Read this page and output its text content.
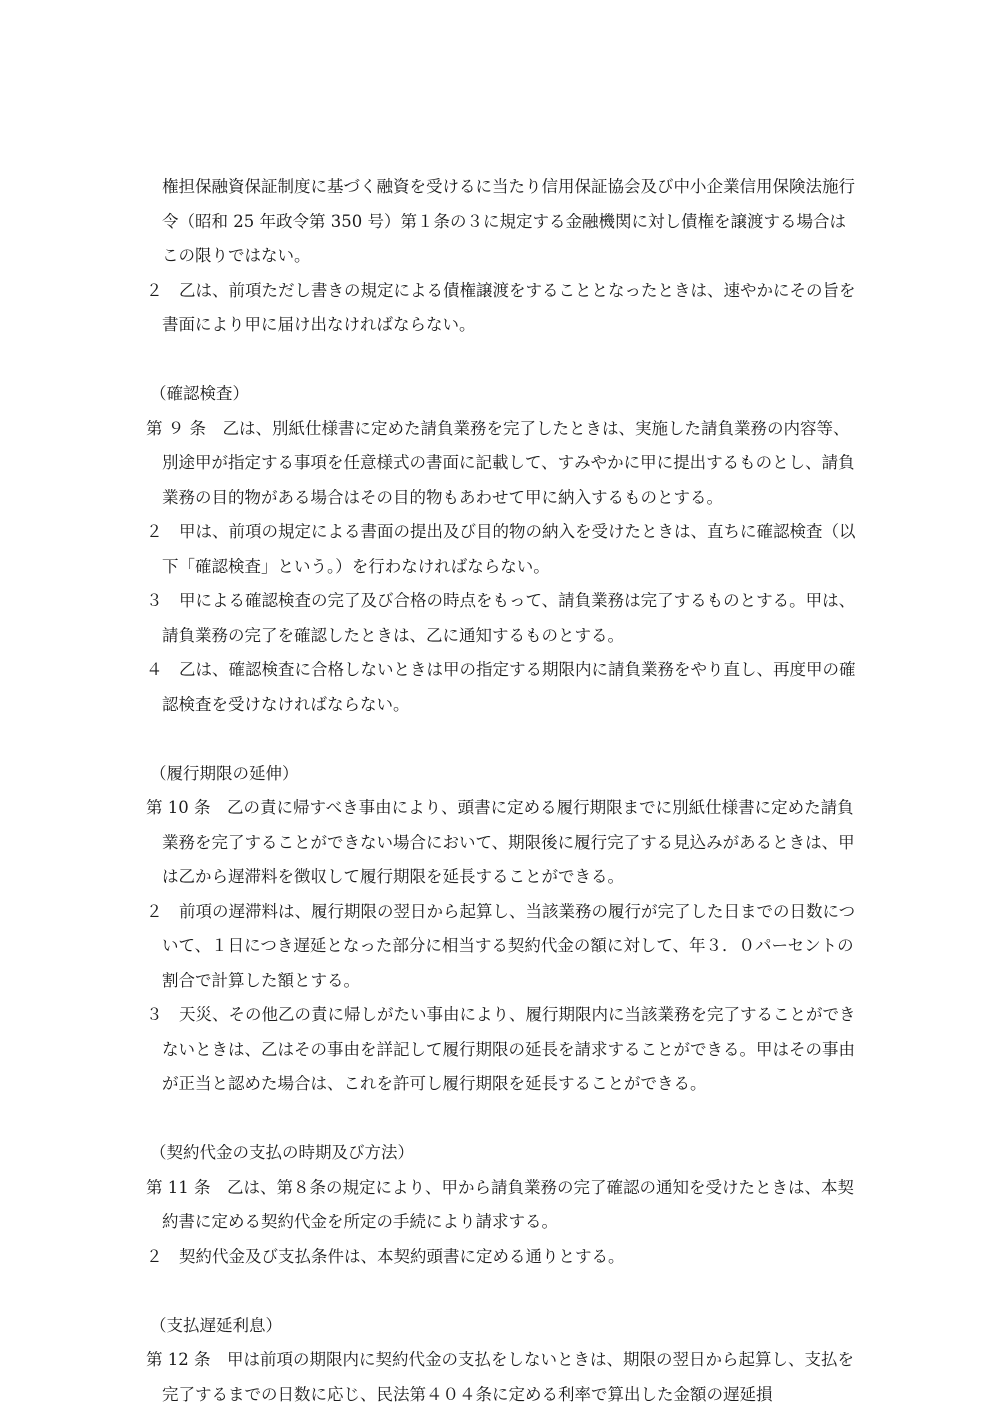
権担保融資保証制度に基づく融資を受けるに当たり信用保証協会及び中小企業信用保険法施行令（昭和 25 年政令第 350 号）第１条の３に規定する金融機関に対し債権を譲渡する場合はこの限りではない。

２　乙は、前項ただし書きの規定による債権譲渡をすることとなったときは、速やかにその旨を書面により甲に届け出なければならない。

（確認検査）

第 ９ 条　乙は、別紙仕様書に定めた請負業務を完了したときは、実施した請負業務の内容等、別途甲が指定する事項を任意様式の書面に記載して、すみやかに甲に提出するものとし、請負業務の目的物がある場合はその目的物もあわせて甲に納入するものとする。

２　甲は、前項の規定による書面の提出及び目的物の納入を受けたときは、直ちに確認検査（以下「確認検査」という。）を行わなければならない。

３　甲による確認検査の完了及び合格の時点をもって、請負業務は完了するものとする。甲は、請負業務の完了を確認したときは、乙に通知するものとする。

４　乙は、確認検査に合格しないときは甲の指定する期限内に請負業務をやり直し、再度甲の確認検査を受けなければならない。

（履行期限の延伸）

第 10 条　乙の責に帰すべき事由により、頭書に定める履行期限までに別紙仕様書に定めた請負業務を完了することができない場合において、期限後に履行完了する見込みがあるときは、甲は乙から遅滞料を徴収して履行期限を延長することができる。

２　前項の遅滞料は、履行期限の翌日から起算し、当該業務の履行が完了した日までの日数について、１日につき遅延となった部分に相当する契約代金の額に対して、年３．０パーセントの割合で計算した額とする。

３　天災、その他乙の責に帰しがたい事由により、履行期限内に当該業務を完了することができないときは、乙はその事由を詳記して履行期限の延長を請求することができる。甲はその事由が正当と認めた場合は、これを許可し履行期限を延長することができる。

（契約代金の支払の時期及び方法）

第 11 条　乙は、第８条の規定により、甲から請負業務の完了確認の通知を受けたときは、本契約書に定める契約代金を所定の手続により請求する。

２　契約代金及び支払条件は、本契約頭書に定める通りとする。

（支払遅延利息）

第 12 条　甲は前項の期限内に契約代金の支払をしないときは、期限の翌日から起算し、支払を完了するまでの日数に応じ、民法第４０４条に定める利率で算出した金額の遅延損
